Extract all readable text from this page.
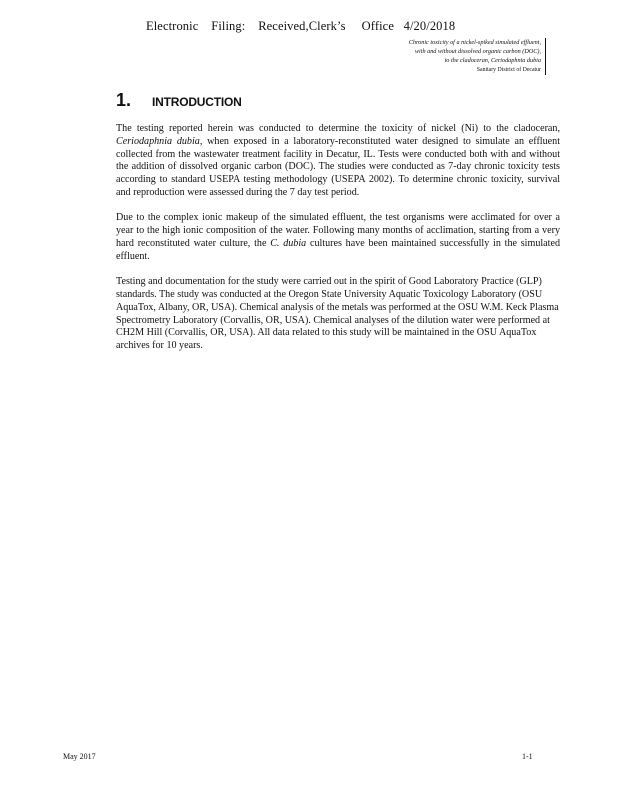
Electronic    Filing:    Received,Clerk’s     Office   4/20/2018
Chronic toxicity of a nickel-spiked simulated effluent,
with and without dissolved organic carbon (DOC),
to the cladoceran, Ceriodaphnia dubia
Sanitary District of Decatur
1.	INTRODUCTION

The testing reported herein was conducted to determine the toxicity of nickel (Ni) to the cladoceran, Ceriodaphnia dubia, when exposed in a laboratory-reconstituted water designed to simulate an effluent collected from the wastewater treatment facility in Decatur, IL. Tests were conducted both with and without the addition of dissolved organic carbon (DOC). The studies were conducted as 7-day chronic toxicity tests according to standard USEPA testing methodology (USEPA 2002). To determine chronic toxicity, survival and reproduction were assessed during the 7 day test period.

Due to the complex ionic makeup of the simulated effluent, the test organisms were acclimated for over a year to the high ionic composition of the water. Following many months of acclimation, starting from a very hard reconstituted water culture, the C. dubia cultures have been maintained successfully in the simulated effluent.

Testing and documentation for the study were carried out in the spirit of Good Laboratory Practice (GLP) standards. The study was conducted at the Oregon State University Aquatic Toxicology Laboratory (OSU AquaTox, Albany, OR, USA). Chemical analysis of the metals was performed at the OSU W.M. Keck Plasma Spectrometry Laboratory (Corvallis, OR, USA). Chemical analyses of the dilution water were performed at CH2M Hill (Corvallis, OR, USA). All data related to this study will be maintained in the OSU AquaTox archives for 10 years.

May 2017	1-1
